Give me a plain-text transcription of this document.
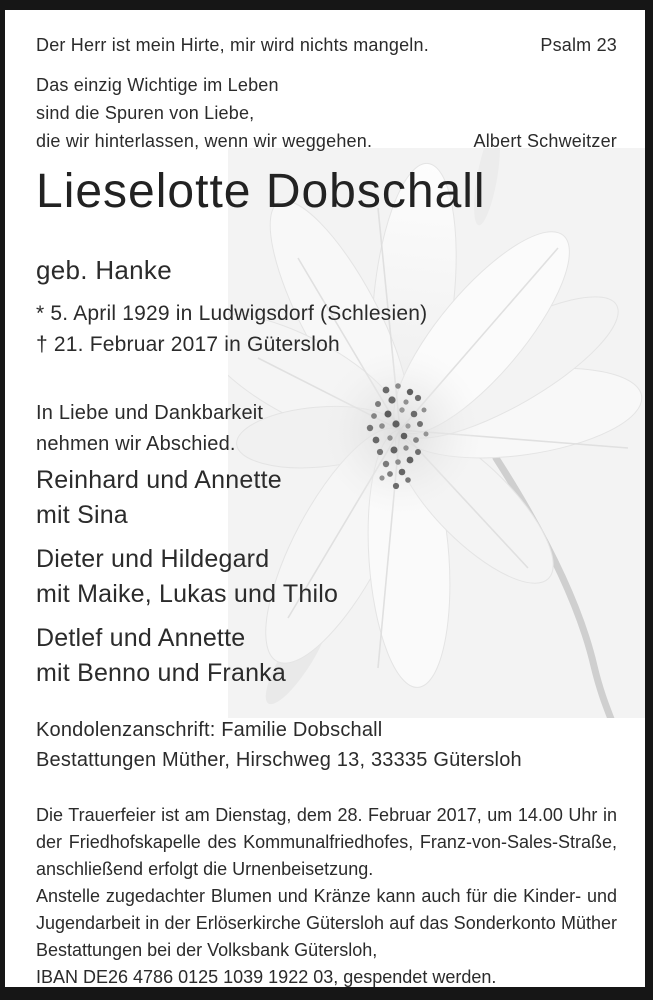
Der Herr ist mein Hirte, mir wird nichts mangeln.	Psalm 23
Das einzig Wichtige im Leben
sind die Spuren von Liebe,
die wir hinterlassen, wenn wir weggehen.	Albert Schweitzer
Lieselotte Dobschall
geb. Hanke
* 5. April 1929 in Ludwigsdorf (Schlesien)
† 21. Februar 2017 in Gütersloh
In Liebe und Dankbarkeit
nehmen wir Abschied.
Reinhard und Annette
mit Sina
Dieter und Hildegard
mit Maike, Lukas und Thilo
Detlef und Annette
mit Benno und Franka
Kondolenzanschrift: Familie Dobschall
Bestattungen Müther, Hirschweg 13, 33335 Gütersloh
Die Trauerfeier ist am Dienstag, dem 28. Februar 2017, um 14.00 Uhr in der Friedhofskapelle des Kommunalfriedhofes, Franz-von-Sales-Straße, anschließend erfolgt die Urnenbeisetzung.
Anstelle zugedachter Blumen und Kränze kann auch für die Kinder- und Jugendarbeit in der Erlöserkirche Gütersloh auf das Sonderkonto Müther Bestattungen bei der Volksbank Gütersloh,
IBAN DE26 4786 0125 1039 1922 03, gespendet werden.
